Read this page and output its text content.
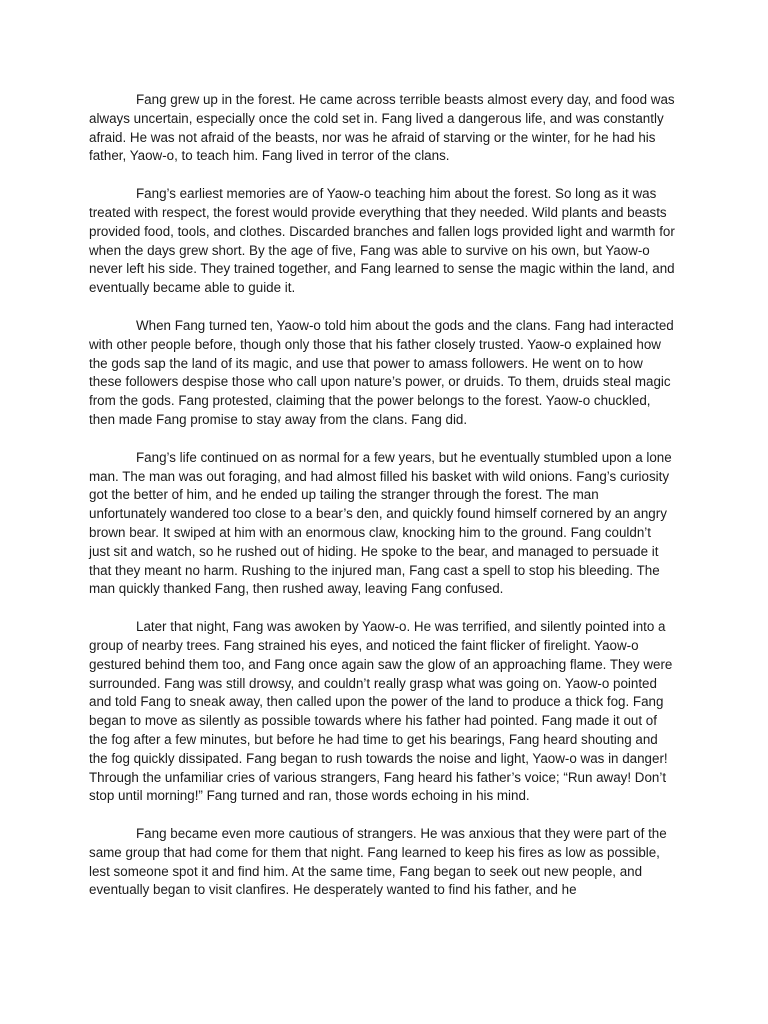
Fang grew up in the forest. He came across terrible beasts almost every day, and food was always uncertain, especially once the cold set in. Fang lived a dangerous life, and was constantly afraid. He was not afraid of the beasts, nor was he afraid of starving or the winter, for he had his father, Yaow-o, to teach him. Fang lived in terror of the clans.

Fang’s earliest memories are of Yaow-o teaching him about the forest. So long as it was treated with respect, the forest would provide everything that they needed. Wild plants and beasts provided food, tools, and clothes. Discarded branches and fallen logs provided light and warmth for when the days grew short. By the age of five, Fang was able to survive on his own, but Yaow-o never left his side. They trained together, and Fang learned to sense the magic within the land, and eventually became able to guide it.

When Fang turned ten, Yaow-o told him about the gods and the clans. Fang had interacted with other people before, though only those that his father closely trusted. Yaow-o explained how the gods sap the land of its magic, and use that power to amass followers. He went on to how these followers despise those who call upon nature’s power, or druids. To them, druids steal magic from the gods. Fang protested, claiming that the power belongs to the forest. Yaow-o chuckled, then made Fang promise to stay away from the clans. Fang did.

Fang’s life continued on as normal for a few years, but he eventually stumbled upon a lone man. The man was out foraging, and had almost filled his basket with wild onions. Fang’s curiosity got the better of him, and he ended up tailing the stranger through the forest. The man unfortunately wandered too close to a bear’s den, and quickly found himself cornered by an angry brown bear. It swiped at him with an enormous claw, knocking him to the ground. Fang couldn’t just sit and watch, so he rushed out of hiding. He spoke to the bear, and managed to persuade it that they meant no harm. Rushing to the injured man, Fang cast a spell to stop his bleeding. The man quickly thanked Fang, then rushed away, leaving Fang confused.

Later that night, Fang was awoken by Yaow-o. He was terrified, and silently pointed into a group of nearby trees. Fang strained his eyes, and noticed the faint flicker of firelight. Yaow-o gestured behind them too, and Fang once again saw the glow of an approaching flame. They were surrounded. Fang was still drowsy, and couldn’t really grasp what was going on. Yaow-o pointed and told Fang to sneak away, then called upon the power of the land to produce a thick fog. Fang began to move as silently as possible towards where his father had pointed. Fang made it out of the fog after a few minutes, but before he had time to get his bearings, Fang heard shouting and the fog quickly dissipated. Fang began to rush towards the noise and light, Yaow-o was in danger! Through the unfamiliar cries of various strangers, Fang heard his father’s voice; “Run away! Don’t stop until morning!” Fang turned and ran, those words echoing in his mind.

Fang became even more cautious of strangers. He was anxious that they were part of the same group that had come for them that night. Fang learned to keep his fires as low as possible, lest someone spot it and find him. At the same time, Fang began to seek out new people, and eventually began to visit clanfires. He desperately wanted to find his father, and he
